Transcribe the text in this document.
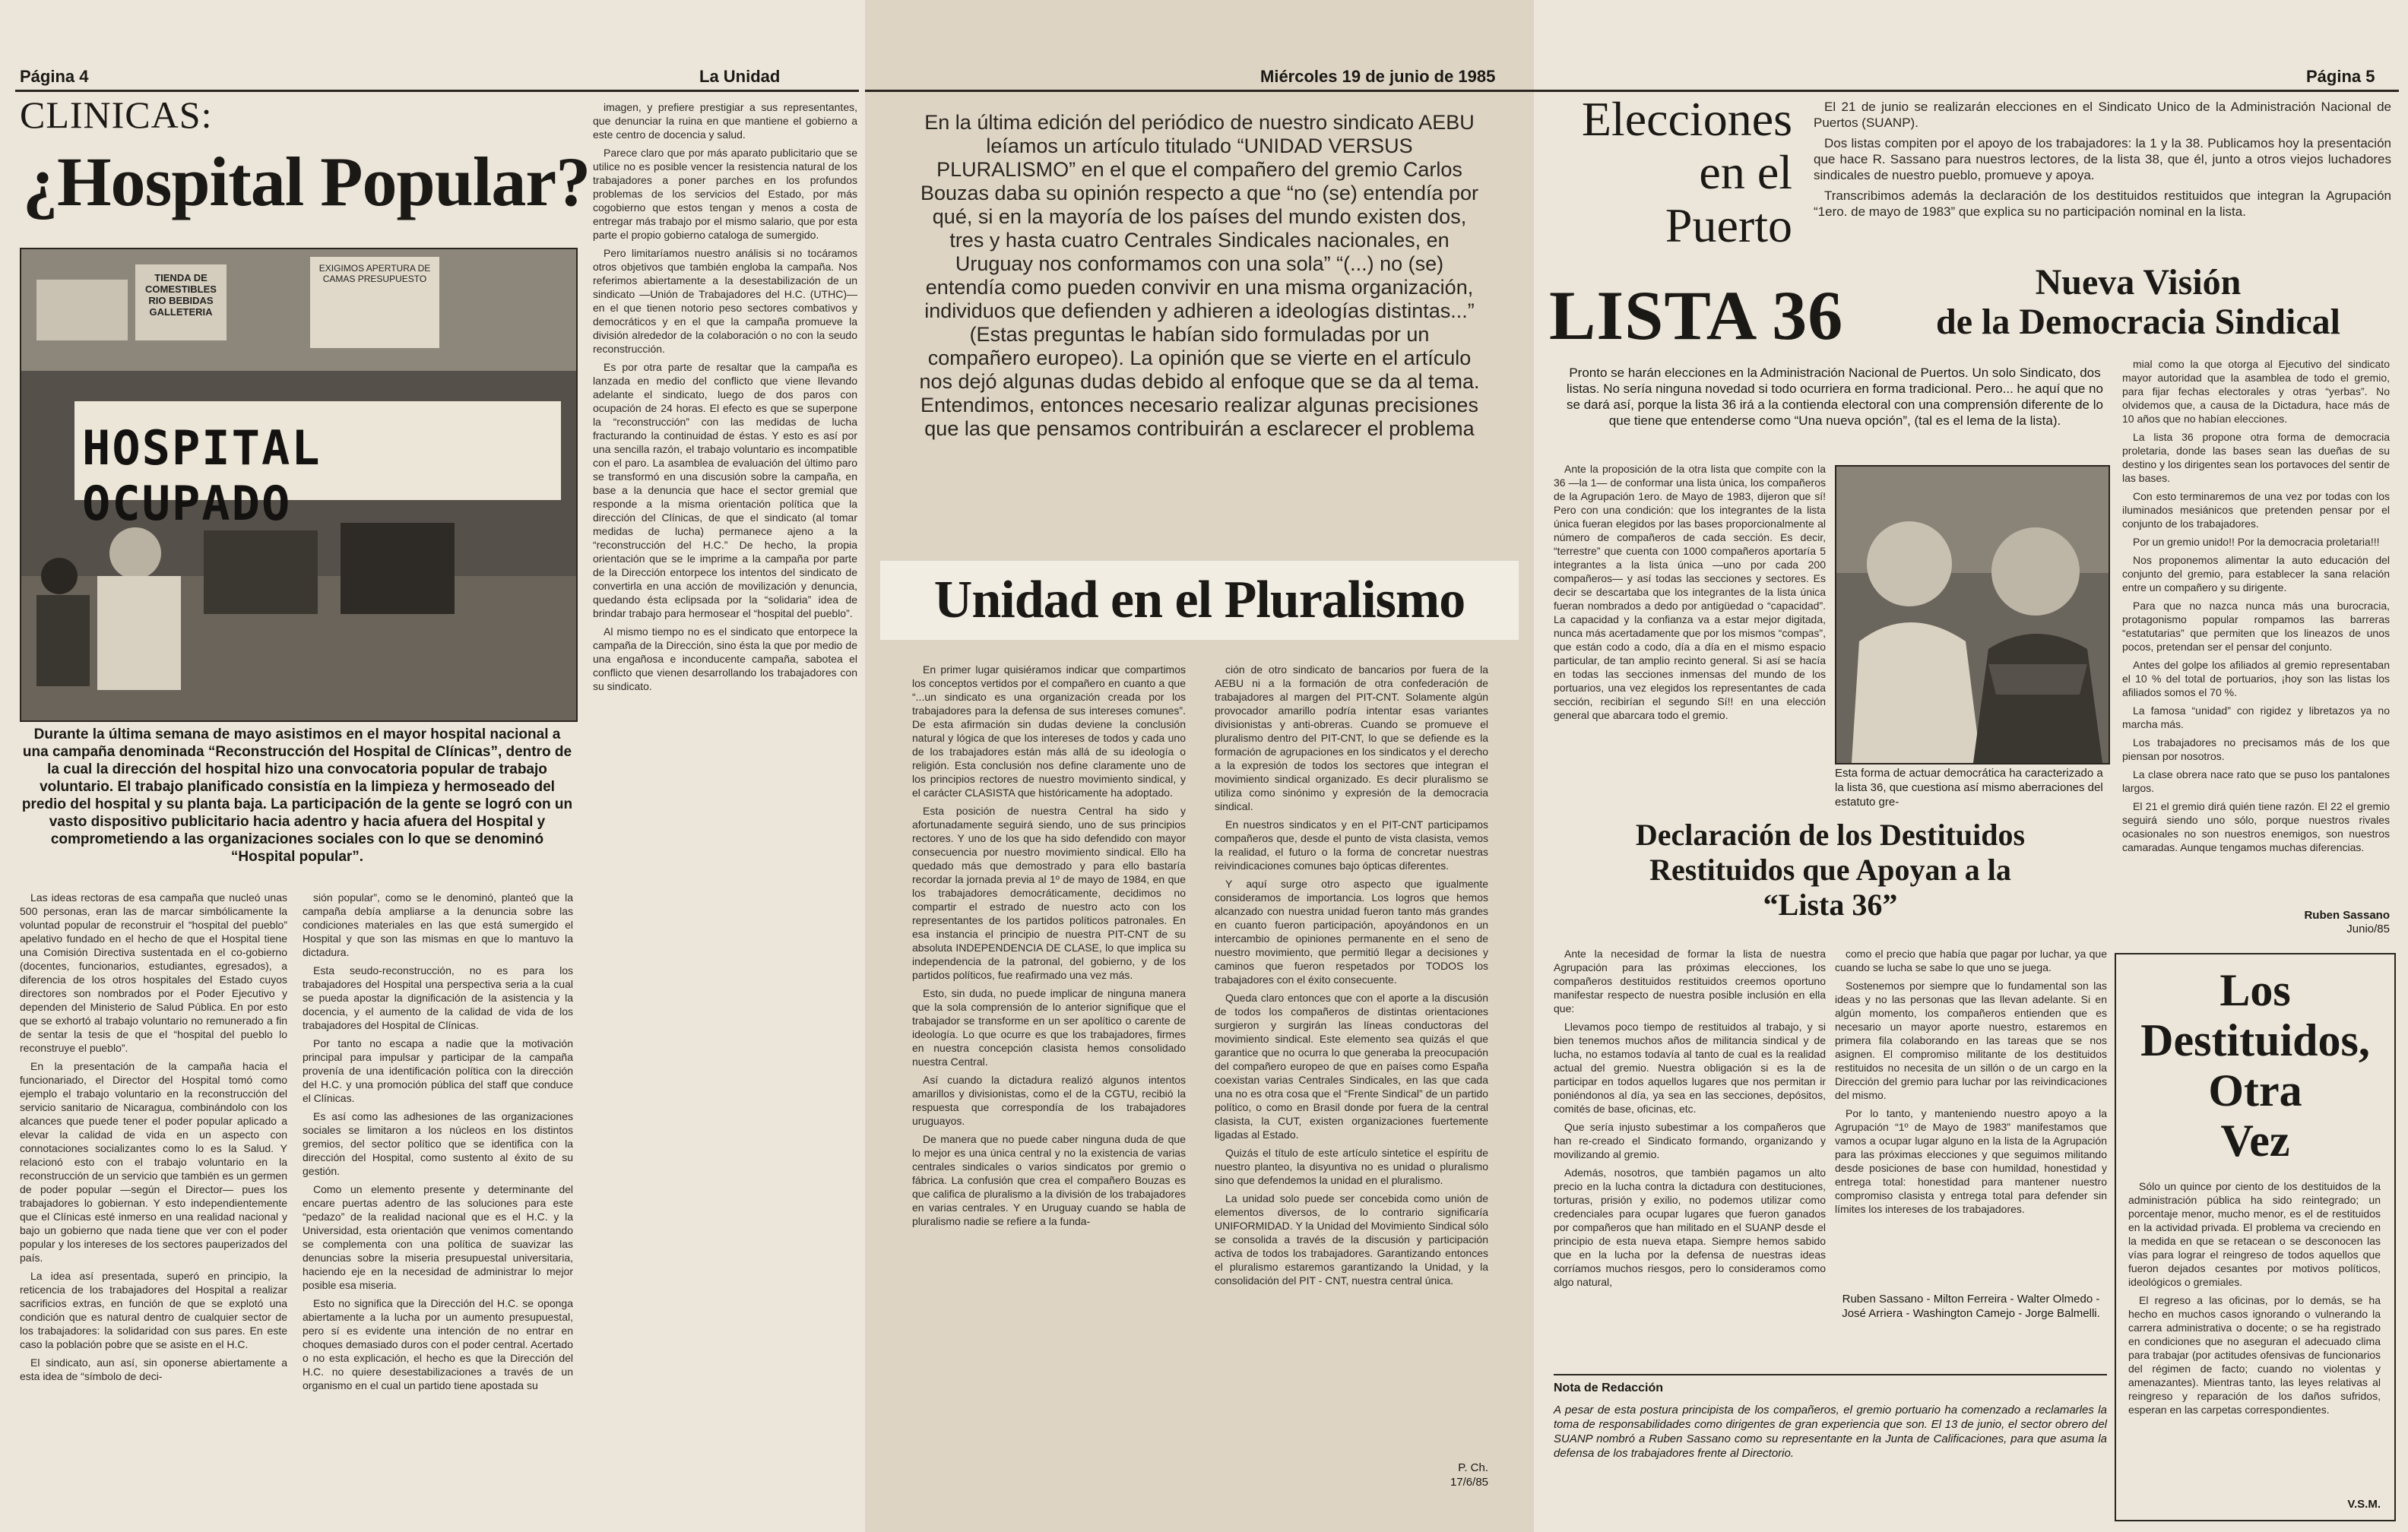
Página 4	La Unidad
CLINICAS:
¿Hospital Popular?
TIENDA DE COMESTIBLES RIO BEBIDAS GALLETERIA
EXIGIMOS APERTURA DE CAMAS PRESUPUESTO
HOSPITAL OCUPADO
Durante la última semana de mayo asistimos en el mayor hospital nacional a una campaña denominada “Reconstrucción del Hospital de Clínicas”, dentro de la cual la dirección del hospital hizo una convocatoria popular de trabajo voluntario. El trabajo planificado consistía en la limpieza y hermoseado del predio del hospital y su planta baja. La participación de la gente se logró con un vasto dispositivo publicitario hacia adentro y hacia afuera del Hospital y comprometiendo a las organizaciones sociales con lo que se denominó “Hospital popular”.

Las ideas rectoras de esa campaña que nucleó unas 500 personas, eran las de marcar simbólicamente la voluntad popular de reconstruir el “hospital del pueblo” apelativo fundado en el hecho de que el Hospital tiene una Comisión Directiva sustentada en el co-gobierno (docentes, funcionarios, estudiantes, egresados), a diferencia de los otros hospitales del Estado cuyos directores son nombrados por el Poder Ejecutivo y dependen del Ministerio de Salud Pública. En por esto que se exhortó al trabajo voluntario no remunerado a fin de sentar la tesis de que el “hospital del pueblo lo reconstruye el pueblo”.

En la presentación de la campaña hacia el funcionariado, el Director del Hospital tomó como ejemplo el trabajo voluntario en la reconstrucción del servicio sanitario de Nicaragua, combinándolo con los alcances que puede tener el poder popular aplicado a elevar la calidad de vida en un aspecto con connotaciones socializantes como lo es la Salud. Y relacionó esto con el trabajo voluntario en la reconstrucción de un servicio que también es un germen de poder popular —según el Director— pues los trabajadores lo gobiernan. Y esto independientemente que el Clínicas esté inmerso en una realidad nacional y bajo un gobierno que nada tiene que ver con el poder popular y los intereses de los sectores pauperizados del país.

La idea así presentada, superó en principio, la reticencia de los trabajadores del Hospital a realizar sacrificios extras, en función de que se explotó una condición que es natural dentro de cualquier sector de los trabajadores: la solidaridad con sus pares. En este caso la población pobre que se asiste en el H.C.

El sindicato, aun así, sin oponerse abiertamente a esta idea de “símbolo de deci-

sión popular”, como se le denominó, planteó que la campaña debía ampliarse a la denuncia sobre las condiciones materiales en las que está sumergido el Hospital y que son las mismas en que lo mantuvo la dictadura.

Esta seudo-reconstrucción, no es para los trabajadores del Hospital una perspectiva seria a la cual se pueda apostar la dignificación de la asistencia y la docencia, y el aumento de la calidad de vida de los trabajadores del Hospital de Clínicas.

Por tanto no escapa a nadie que la motivación principal para impulsar y participar de la campaña provenía de una identificación política con la dirección del H.C. y una promoción pública del staff que conduce el Clínicas.

Es así como las adhesiones de las organizaciones sociales se limitaron a los núcleos en los distintos gremios, del sector político que se identifica con la dirección del Hospital, como sustento al éxito de su gestión.

Como un elemento presente y determinante del encare puertas adentro de las soluciones para este “pedazo” de la realidad nacional que es el H.C. y la Universidad, esta orientación que venimos comentando se complementa con una política de suavizar las denuncias sobre la miseria presupuestal universitaria, haciendo eje en la necesidad de administrar lo mejor posible esa miseria.

Esto no significa que la Dirección del H.C. se oponga abiertamente a la lucha por un aumento presupuestal, pero sí es evidente una intención de no entrar en choques demasiado duros con el poder central. Acertado o no esta explicación, el hecho es que la Dirección del H.C. no quiere desestabilizaciones a través de un organismo en el cual un partido tiene apostada su

imagen, y prefiere prestigiar a sus representantes, que denunciar la ruina en que mantiene el gobierno a este centro de docencia y salud.

Parece claro que por más aparato publicitario que se utilice no es posible vencer la resistencia natural de los trabajadores a poner parches en los profundos problemas de los servicios del Estado, por más cogobierno que estos tengan y menos a costa de entregar más trabajo por el mismo salario, que por esta parte el propio gobierno cataloga de sumergido.

Pero limitaríamos nuestro análisis si no tocáramos otros objetivos que también engloba la campaña. Nos referimos abiertamente a la desestabilización de un sindicato —Unión de Trabajadores del H.C. (UTHC)— en el que tienen notorio peso sectores combativos y democráticos y en el que la campaña promueve la división alrededor de la colaboración o no con la seudo reconstrucción.

Es por otra parte de resaltar que la campaña es lanzada en medio del conflicto que viene llevando adelante el sindicato, luego de dos paros con ocupación de 24 horas. El efecto es que se superpone la “reconstrucción” con las medidas de lucha fracturando la continuidad de éstas. Y esto es así por una sencilla razón, el trabajo voluntario es incompatible con el paro. La asamblea de evaluación del último paro se transformó en una discusión sobre la campaña, en base a la denuncia que hace el sector gremial que responde a la misma orientación política que la dirección del Clínicas, de que el sindicato (al tomar medidas de lucha) permanece ajeno a la “reconstrucción del H.C.” De hecho, la propia orientación que se le imprime a la campaña por parte de la Dirección entorpece los intentos del sindicato de convertirla en una acción de movilización y denuncia, quedando ésta eclipsada por la “solidaria” idea de brindar trabajo para hermosear el “hospital del pueblo”.

Al mismo tiempo no es el sindicato que entorpece la campaña de la Dirección, sino ésta la que por medio de una engañosa e inconducente campaña, sabotea el conflicto que vienen desarrollando los trabajadores con su sindicato.

Miércoles 19 de junio de 1985
En la última edición del periódico de nuestro sindicato AEBU leíamos un artículo titulado “UNIDAD VERSUS PLURALISMO” en el que el compañero del gremio Carlos Bouzas daba su opinión respecto a que “no (se) entendía por qué, si en la mayoría de los países del mundo existen dos, tres y hasta cuatro Centrales Sindicales nacionales, en Uruguay nos conformamos con una sola” “(...) no (se) entendía como pueden convivir en una misma organización, individuos que defienden y adhieren a ideologías distintas...” (Estas preguntas le habían sido formuladas por un compañero europeo). La opinión que se vierte en el artículo nos dejó algunas dudas debido al enfoque que se da al tema. Entendimos, entonces necesario realizar algunas precisiones que las que pensamos contribuirán a esclarecer el problema
Unidad en el Pluralismo

En primer lugar quisiéramos indicar que compartimos los conceptos vertidos por el compañero en cuanto a que “...un sindicato es una organización creada por los trabajadores para la defensa de sus intereses comunes”. De esta afirmación sin dudas deviene la conclusión natural y lógica de que los intereses de todos y cada uno de los trabajadores están más allá de su ideología o religión. Esta conclusión nos define claramente uno de los principios rectores de nuestro movimiento sindical, y el carácter CLASISTA que históricamente ha adoptado.

Esta posición de nuestra Central ha sido y afortunadamente seguirá siendo, uno de sus principios rectores. Y uno de los que ha sido defendido con mayor consecuencia por nuestro movimiento sindical. Ello ha quedado más que demostrado y para ello bastaría recordar la jornada previa al 1º de mayo de 1984, en que los trabajadores democráticamente, decidimos no compartir el estrado de nuestro acto con los representantes de los partidos políticos patronales. En esa instancia el principio de nuestra PIT-CNT de su absoluta INDEPENDENCIA DE CLASE, lo que implica su independencia de la patronal, del gobierno, y de los partidos políticos, fue reafirmado una vez más.

Esto, sin duda, no puede implicar de ninguna manera que la sola comprensión de lo anterior signifique que el trabajador se transforme en un ser apolítico o carente de ideología. Lo que ocurre es que los trabajadores, firmes en nuestra concepción clasista hemos consolidado nuestra Central.

Así cuando la dictadura realizó algunos intentos amarillos y divisionistas, como el de la CGTU, recibió la respuesta que correspondía de los trabajadores uruguayos.

De manera que no puede caber ninguna duda de que lo mejor es una única central y no la existencia de varias centrales sindicales o varios sindicatos por gremio o fábrica. La confusión que crea el compañero Bouzas es que califica de pluralismo a la división de los trabajadores en varias centrales. Y en Uruguay cuando se habla de pluralismo nadie se refiere a la funda-

ción de otro sindicato de bancarios por fuera de la AEBU ni a la formación de otra confederación de trabajadores al margen del PIT-CNT. Solamente algún provocador amarillo podría intentar esas variantes divisionistas y anti-obreras. Cuando se promueve el pluralismo dentro del PIT-CNT, lo que se defiende es la formación de agrupaciones en los sindicatos y el derecho a la expresión de todos los sectores que integran el movimiento sindical organizado. Es decir pluralismo se utiliza como sinónimo y expresión de la democracia sindical.

En nuestros sindicatos y en el PIT-CNT participamos compañeros que, desde el punto de vista clasista, vemos la realidad, el futuro o la forma de concretar nuestras reivindicaciones comunes bajo ópticas diferentes.

Y aquí surge otro aspecto que igualmente consideramos de importancia. Los logros que hemos alcanzado con nuestra unidad fueron tanto más grandes en cuanto fueron participación, apoyándonos en un intercambio de opiniones permanente en el seno de nuestro movimiento, que permitió llegar a decisiones y caminos que fueron respetados por TODOS los trabajadores con el éxito consecuente.

Queda claro entonces que con el aporte a la discusión de todos los compañeros de distintas orientaciones surgieron y surgirán las líneas conductoras del movimiento sindical. Este elemento sea quizás el que garantice que no ocurra lo que generaba la preocupación del compañero europeo de que en países como España coexistan varias Centrales Sindicales, en las que cada una no es otra cosa que el “Frente Sindical” de un partido político, o como en Brasil donde por fuera de la central clasista, la CUT, existen organizaciones fuertemente ligadas al Estado.

Quizás el título de este artículo sintetice el espíritu de nuestro planteo, la disyuntiva no es unidad o pluralismo sino que defendemos la unidad en el pluralismo.

La unidad solo puede ser concebida como unión de elementos diversos, de lo contrario significaría UNIFORMIDAD. Y la Unidad del Movimiento Sindical sólo se consolida a través de la discusión y participación activa de todos los trabajadores. Garantizando entonces el pluralismo estaremos garantizando la Unidad, y la consolidación del PIT - CNT, nuestra central única.

P. Ch.
17/6/85
Página 5
Elecciones
en el
Puerto

El 21 de junio se realizarán elecciones en el Sindicato Unico de la Administración Nacional de Puertos (SUANP).

Dos listas compiten por el apoyo de los trabajadores: la 1 y la 38. Publicamos hoy la presentación que hace R. Sassano para nuestros lectores, de la lista 38, que él, junto a otros viejos luchadores sindicales de nuestro pueblo, promueve y apoya.

Transcribimos además la declaración de los destituidos restituidos que integran la Agrupación “1ero. de mayo de 1983” que explica su no participación nominal en la lista.

LISTA 36	Nueva Visión
de la Democracia Sindical
Pronto se harán elecciones en la Administración Nacional de Puertos. Un solo Sindicato, dos listas. No sería ninguna novedad si todo ocurriera en forma tradicional. Pero... he aquí que no se dará así, porque la lista 36 irá a la contienda electoral con una comprensión diferente de lo que tiene que entenderse como “Una nueva opción”, (tal es el lema de la lista).

Ante la proposición de la otra lista que compite con la 36 —la 1— de conformar una lista única, los compañeros de la Agrupación 1ero. de Mayo de 1983, dijeron que sí! Pero con una condición: que los integrantes de la lista única fueran elegidos por las bases proporcionalmente al número de compañeros de cada sección. Es decir, “terrestre” que cuenta con 1000 compañeros aportaría 5 integrantes a la lista única —uno por cada 200 compañeros— y así todas las secciones y sectores. Es decir se descartaba que los integrantes de la lista única fueran nombrados a dedo por antigüedad o “capacidad”. La capacidad y la confianza va a estar mejor digitada, nunca más acertadamente que por los mismos “compas”, que están codo a codo, día a día en el mismo espacio particular, de tan amplio recinto general. Si así se hacía en todas las secciones inmensas del mundo de los portuarios, una vez elegidos los representantes de cada sección, recibirían el segundo Sí!! en una elección general que abarcara todo el gremio.

Esta forma de actuar democrática ha caracterizado a la lista 36, que cuestiona así mismo aberraciones del estatuto gre-

mial como la que otorga al Ejecutivo del sindicato mayor autoridad que la asamblea de todo el gremio, para fijar fechas electorales y otras “yerbas”. No olvidemos que, a causa de la Dictadura, hace más de 10 años que no habían elecciones.

La lista 36 propone otra forma de democracia proletaria, donde las bases sean las dueñas de su destino y los dirigentes sean los portavoces del sentir de las bases.

Con esto terminaremos de una vez por todas con los iluminados mesiánicos que pretenden pensar por el conjunto de los trabajadores.

Por un gremio unido!! Por la democracia proletaria!!!

Nos proponemos alimentar la auto educación del conjunto del gremio, para establecer la sana relación entre un compañero y su dirigente.

Para que no nazca nunca más una burocracia, protagonismo popular rompamos las barreras “estatutarias” que permiten que los lineazos de unos pocos, pretendan ser el pensar del conjunto.

Antes del golpe los afiliados al gremio representaban el 10 % del total de portuarios, ¡hoy son las listas los afiliados somos el 70 %.

La famosa “unidad” con rigidez y libretazos ya no marcha más.

Los trabajadores no precisamos más de los que piensan por nosotros.

La clase obrera nace rato que se puso los pantalones largos.

El 21 el gremio dirá quién tiene razón. El 22 el gremio seguirá siendo uno sólo, porque nuestros rivales ocasionales no son nuestros enemigos, son nuestros camaradas. Aunque tengamos muchas diferencias.

Ruben Sassano
Junio/85
Declaración de los Destituidos
Restituidos que Apoyan a la
“Lista 36”

Ante la necesidad de formar la lista de nuestra Agrupación para las próximas elecciones, los compañeros destituidos restituidos creemos oportuno manifestar respecto de nuestra posible inclusión en ella que:

Llevamos poco tiempo de restituidos al trabajo, y si bien tenemos muchos años de militancia sindical y de lucha, no estamos todavía al tanto de cual es la realidad actual del gremio. Nuestra obligación si es la de participar en todos aquellos lugares que nos permitan ir poniéndonos al día, ya sea en las secciones, depósitos, comités de base, oficinas, etc.

Que sería injusto subestimar a los compañeros que han re-creado el Sindicato formando, organizando y movilizando al gremio.

Además, nosotros, que también pagamos un alto precio en la lucha contra la dictadura con destituciones, torturas, prisión y exilio, no podemos utilizar como credenciales para ocupar lugares que fueron ganados por compañeros que han militado en el SUANP desde el principio de esta nueva etapa. Siempre hemos sabido que en la lucha por la defensa de nuestras ideas corríamos muchos riesgos, pero lo consideramos como algo natural,

como el precio que había que pagar por luchar, ya que cuando se lucha se sabe lo que uno se juega.

Sostenemos por siempre que lo fundamental son las ideas y no las personas que las llevan adelante. Si en algún momento, los compañeros entienden que es necesario un mayor aporte nuestro, estaremos en primera fila colaborando en las tareas que se nos asignen. El compromiso militante de los destituidos restituidos no necesita de un sillón o de un cargo en la Dirección del gremio para luchar por las reivindicaciones del mismo.

Por lo tanto, y manteniendo nuestro apoyo a la Agrupación “1º de Mayo de 1983” manifestamos que vamos a ocupar lugar alguno en la lista de la Agrupación para las próximas elecciones y que seguimos militando desde posiciones de base con humildad, honestidad y entrega total: honestidad para mantener nuestro compromiso clasista y entrega total para defender sin límites los intereses de los trabajadores.

Ruben Sassano - Milton Ferreira - Walter Olmedo - José Arriera - Washington Camejo - Jorge Balmelli.
Nota de Redacción
A pesar de esta postura principista de los compañeros, el gremio portuario ha comenzado a reclamarles la toma de responsabilidades como dirigentes de gran experiencia que son. El 13 de junio, el sector obrero del SUANP nombró a Ruben Sassano como su representante en la Junta de Calificaciones, para que asuma la defensa de los trabajadores frente al Directorio.
Los
Destituidos,
Otra
Vez

Sólo un quince por ciento de los destituidos de la administración pública ha sido reintegrado; un porcentaje menor, mucho menor, es el de restituidos en la actividad privada. El problema va creciendo en la medida en que se retacean o se desconocen las vías para lograr el reingreso de todos aquellos que fueron dejados cesantes por motivos políticos, ideológicos o gremiales.

El regreso a las oficinas, por lo demás, se ha hecho en muchos casos ignorando o vulnerando la carrera administrativa o docente; o se ha registrado en condiciones que no aseguran el adecuado clima para trabajar (por actitudes ofensivas de funcionarios del régimen de facto; cuando no violentas y amenazantes). Mientras tanto, las leyes relativas al reingreso y reparación de los daños sufridos, esperan en las carpetas correspondientes.

V.S.M.
